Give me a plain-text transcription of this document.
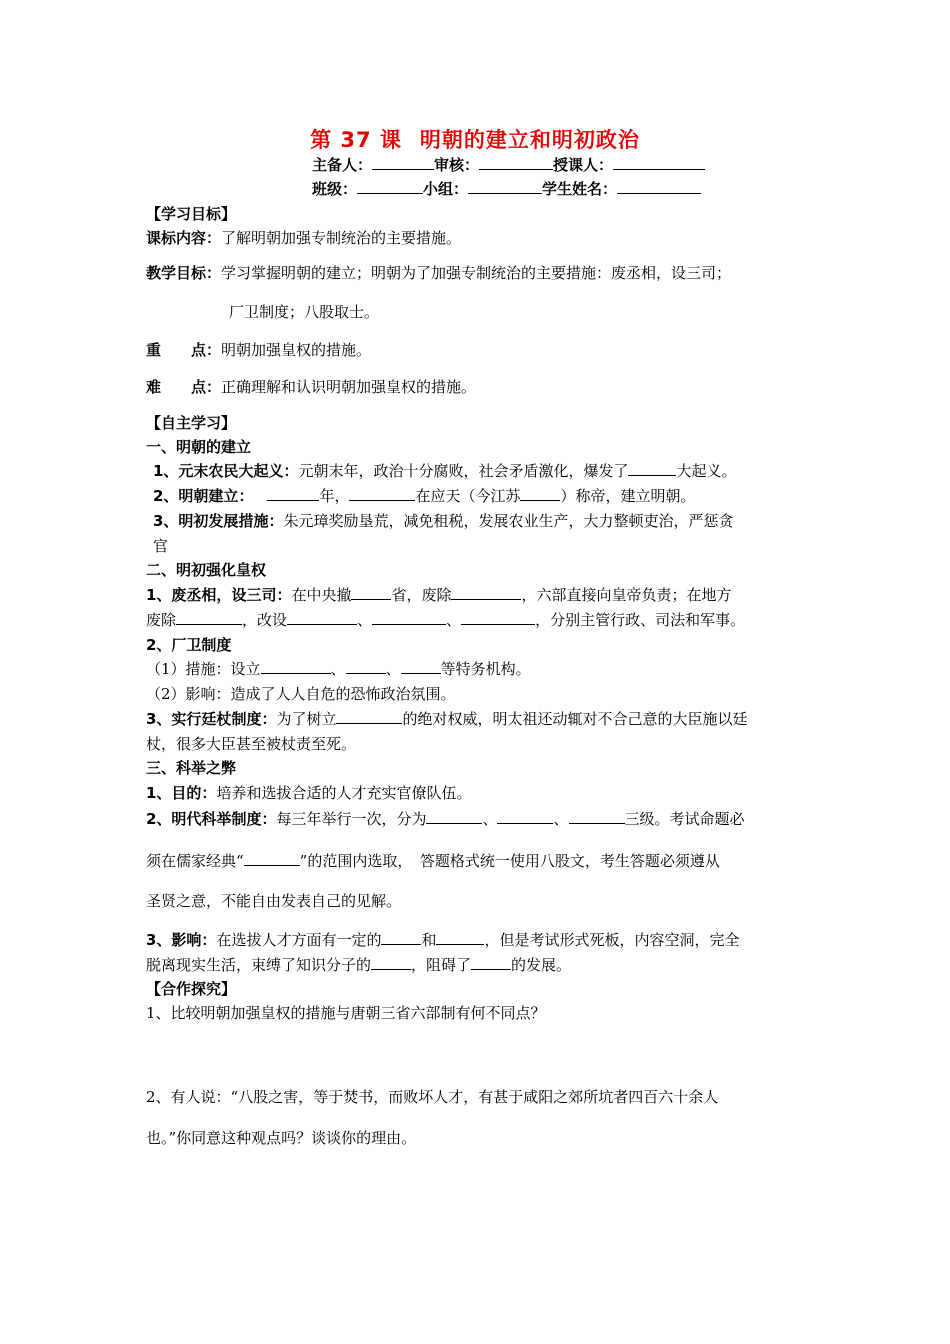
第 37 课 明朝的建立和明初政治
主备人：	审核：	授课人：
班级：	小组：	学生姓名：
【学习目标】
课标内容：了解明朝加强专制统治的主要措施。
教学目标：学习掌握明朝的建立；明朝为了加强专制统治的主要措施：废丞相，设三司；
厂卫制度；八股取士。
重　　点：明朝加强皇权的措施。
难　　点：正确理解和认识明朝加强皇权的措施。
【自主学习】
一、明朝的建立
1、元末农民大起义：元朝末年，政治十分腐败，社会矛盾激化，爆发了	大起义。
2、明朝建立：	年，	在应天（今江苏	）称帝，建立明朝。
3、明初发展措施：朱元璋奖励垦荒，减免租税，发展农业生产，大力整顿吏治，严惩贪
官
二、明初强化皇权
1、废丞相，设三司：在中央撤	省，废除	，六部直接向皇帝负责；在地方
废除	，改设	、	、	，分别主管行政、司法和军事。
2、厂卫制度
（1）措施：设立	、	、	等特务机构。
（2）影响：造成了人人自危的恐怖政治氛围。
3、实行廷杖制度：为了树立	的绝对权威，明太祖还动辄对不合己意的大臣施以廷
杖，很多大臣甚至被杖责至死。
三、科举之弊
1、目的：培养和选拔合适的人才充实官僚队伍。
2、明代科举制度：每三年举行一次，分为	、	、	三级。考试命题必
须在儒家经典“	”的范围内选取，　答题格式统一使用八股文，考生答题必须遵从
圣贤之意，不能自由发表自己的见解。
3、影响：在选拔人才方面有一定的	和	，但是考试形式死板，内容空洞，完全
脱离现实生活，束缚了知识分子的	，阻碍了	的发展。
【合作探究】
1、比较明朝加强皇权的措施与唐朝三省六部制有何不同点？
2、有人说：“八股之害，等于焚书，而败坏人才，有甚于咸阳之郊所坑者四百六十余人
也。”你同意这种观点吗？谈谈你的理由。
